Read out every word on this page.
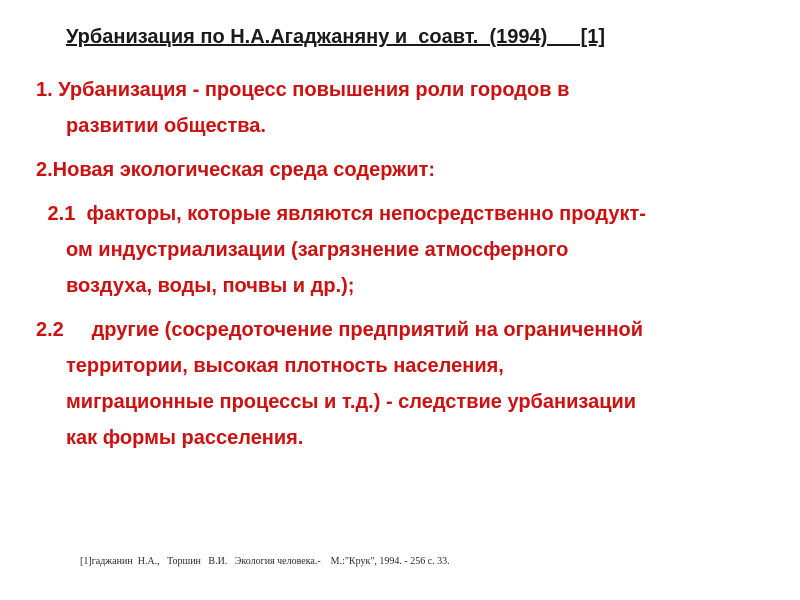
Урбанизация по Н.А.Агаджаняну и  соавт.  (1994)      [1]
1. Урбанизация - процесс повышения роли городов в
развитии общества.
2.Новая экологическая среда содержит:
2.1  факторы, которые являются непосредственно продукт-
ом индустриализации (загрязнение атмосферного
воздуха, воды, почвы и др.);
2.2     другие (сосредоточение предприятий на ограниченной
территории, высокая плотность населения,
миграционные процессы и т.д.) - следствие урбанизации
как формы расселения.
[1]гаджанин  Н.А.,   Торшин   В.И.   Экология человека.-    М.:"Крук", 1994. - 256 с. 33.
